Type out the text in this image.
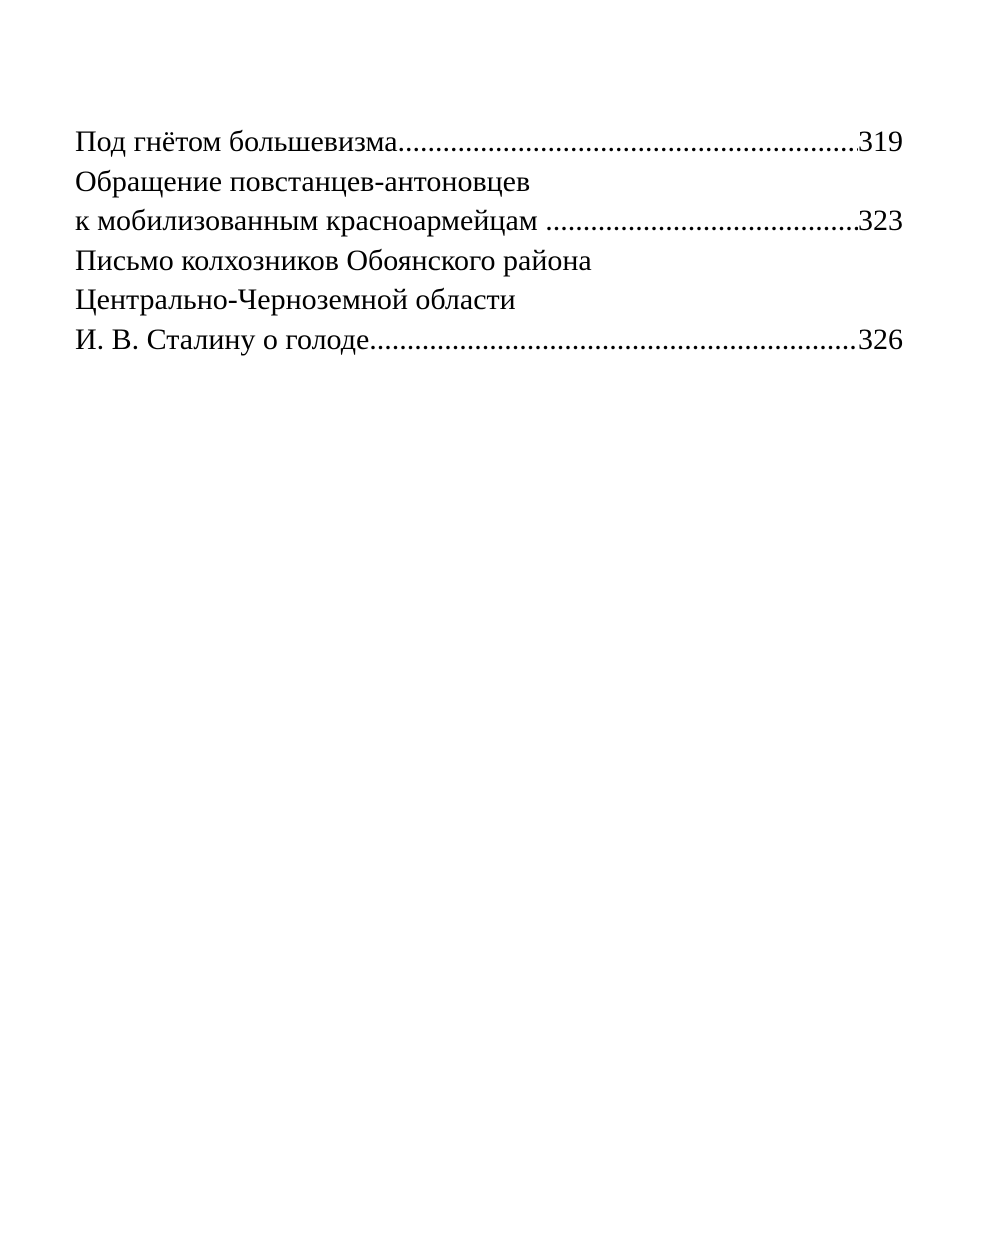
Под гнётом большевизма .....	319
Обращение повстанцев-антоновцев
к мобилизованным красноармейцам .....	323
Письмо колхозников Обоянского района
Центрально-Черноземной области
И. В. Сталину о голоде .....	326
